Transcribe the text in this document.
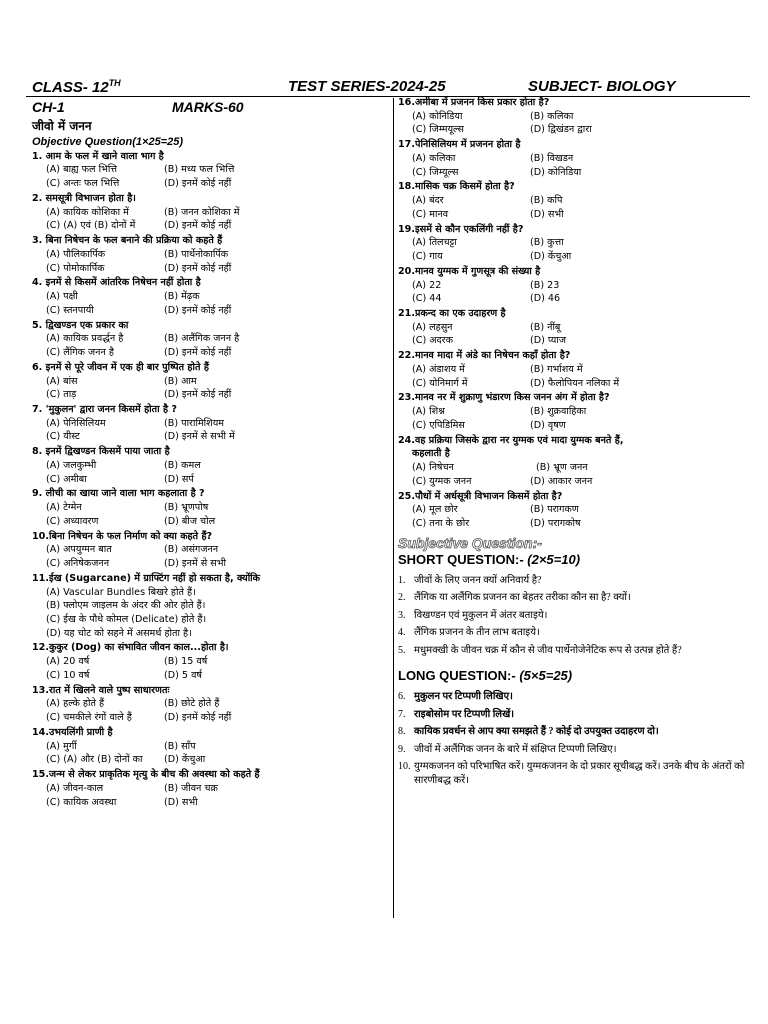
CLASS- 12TH	TEST SERIES-2024-25	SUBJECT- BIOLOGY
CH-1	MARKS-60
जीवो में जनन
Objective Question(1×25=25)
1. आम के फल में खाने वाला भाग है
(A) बाह्य फल भित्ति	(B) मध्य फल भित्ति
(C) अन्तः फल भित्ति	(D) इनमें कोई नहीं
2. समसूत्री विभाजन होता है।
(A) कायिक कोशिका में	(B) जनन कोशिका में
(C) (A) एवं (B) दोनों में	(D) इनमें कोई नहीं
3. बिना निषेचन के फल बनाने की प्रक्रिया को कहते हैं
(A) पौलिकार्पिक	(B) पार्थेनोकार्पिक
(C) पोमोकार्पिक	(D) इनमें कोई नहीं
4. इनमें से किसमें आंतरिक निषेचन नहीं होता है
(A) पक्षी	(B) मेंढ़क
(C) स्तनपायी	(D) इनमें कोई नहीं
5. द्विखण्डन एक प्रकार का
(A) कायिक प्रवर्द्धन है	(B) अलैंगिक जनन है
(C) लैंगिक जनन है	(D) इनमें कोई नहीं
6. इनमें से पूरे जीवन में एक ही बार पुष्पित होते हैं
(A) बांस	(B) आम
(C) ताड़	(D) इनमें कोई नहीं
7. 'मुकुलन' द्वारा जनन किसमें होता है ?
(A) पेनिसिलियम	(B) पारामिशियम
(C) यीस्ट	(D) इनमें से सभी में
8. इनमें द्विखण्डन किसमें पाया जाता है
(A) जलकुम्भी	(B) कमल
(C) अमीबा	(D) सर्प
9. लीची का खाया जाने वाला भाग कहलाता है ?
(A) टेग्मेन	(B) भ्रूणपोष
(C) अध्यावरण	(D) बीज चोल
10.बिना निषेचन के फल निर्माण को क्या कहते हैं?
(A) अपयुग्मन बात	(B) असंगजनन
(C) अनिषेकजनन	(D) इनमें से सभी
11.ईख (Sugarcane) में ग्राफ्टिंग नहीं हो सकता है, क्योंकि
(A) Vascular Bundles बिखरे होते हैं।
(B) फ्लोएम जाइलम के अंदर की ओर होते हैं।
(C) ईख के पौधे कोमल (Delicate) होते हैं।
(D) यह चोट को सहने में असमर्थ होता है।
12.कुकुर (Dog) का संभावित जीवन काल...होता है।
(A) 20 वर्ष	(B) 15 वर्ष
(C) 10 वर्ष	(D) 5 वर्ष
13.रात में खिलने वाले पुष्प साधारणतः
(A) हल्के होते हैं	(B) छोटे होते हैं
(C) चमकीले रंगों वाले हैं	(D) इनमें कोई नहीं
14.उभयलिंगी प्राणी है
(A) मुर्गी	(B) साँप
(C) (A) और (B) दोनों का	(D) केंचुआ
15.जन्म से लेकर प्राकृतिक मृत्यु के बीच की अवस्था को कहते हैं
(A) जीवन-काल	(B) जीवन चक्र
(C) कायिक अवस्था	(D) सभी
16.अमीबा में प्रजनन किस प्रकार होता है?
(A) कोनिडिया	(B) कलिका
(C) जिम्मयूल्स	(D) द्विखंडन द्वारा
17.पेनिसिलियम में प्रजनन होता है
(A) कलिका	(B) विखडन
(C) जिम्यूल्स	(D) कोनिडिया
18.मासिक चक्र किसमें होता है?
(A) बंदर	(B) कपि
(C) मानव	(D) सभी
19.इसमें से कौन एकलिंगी नहीं है?
(A) तिलचट्टा	(B) कुत्ता
(C) गाय	(D) केंचुआ
20.मानव युग्मक में गुणसूत्र की संख्या है
(A) 22	(B) 23
(C) 44	(D) 46
21.प्रकन्द का एक उदाहरण है
(A) लहसुन	(B) नींबू
(C) अदरक	(D) प्याज
22.मानव मादा में अंडे का निषेचन कहाँ होता है?
(A) अंडाशय में	(B) गर्भाशय में
(C) योनिमार्ग में	(D) फैलोपियन नलिका में
23.मानव नर में शुक्राणु भंडारण किस जनन अंग में होता है?
(A) शिश्न	(B) शुक्रवाहिका
(C) एपिडिमिस	(D) वृषण
24.वह प्रक्रिया जिसके द्वारा नर युग्मक एवं मादा युग्मक बनते हैं,
कहलाती है
(A) निषेचन	(B) भ्रूण जनन
(C) युग्मक जनन	(D) आकार जनन
25.पौधों में अर्धसूत्री विभाजन किसमें होता है?
(A) मूल छोर	(B) परागकण
(C) तना के छोर	(D) परागकोष
Subjective Question:-
SHORT QUESTION:- (2×5=10)
1. जीवों के लिए जनन क्यों अनिवार्य है?
2. लैंगिक या अलैंगिक प्रजनन का बेहतर तरीका कौन सा है? क्यों।
3. विखण्डन एवं मुकुलन में अंतर बताइये।
4. लैंगिक प्रजनन के तीन लाभ बताइये।
5. मधुमक्खी के जीवन चक्र में कौन से जीव पार्थेनोजेनेटिक रूप से उत्पन्न होते हैं?
LONG QUESTION:- (5×5=25)
6. मुकुलन पर टिप्पणी लिखिए।
7. राइबोसोम पर टिप्पणी लिखें।
8. कायिक प्रवर्धन से आप क्या समझते हैं ? कोई दो उपयुक्त उदाहरण दो।
9. जीवों में अलैंगिक जनन के बारे में संक्षिप्त टिप्पणी लिखिए।
10. युग्मकजनन को परिभाषित करें। युग्मकजनन के दो प्रकार सूचीबद्ध करें। उनके बीच के अंतरों को सारणीबद्ध करें।
